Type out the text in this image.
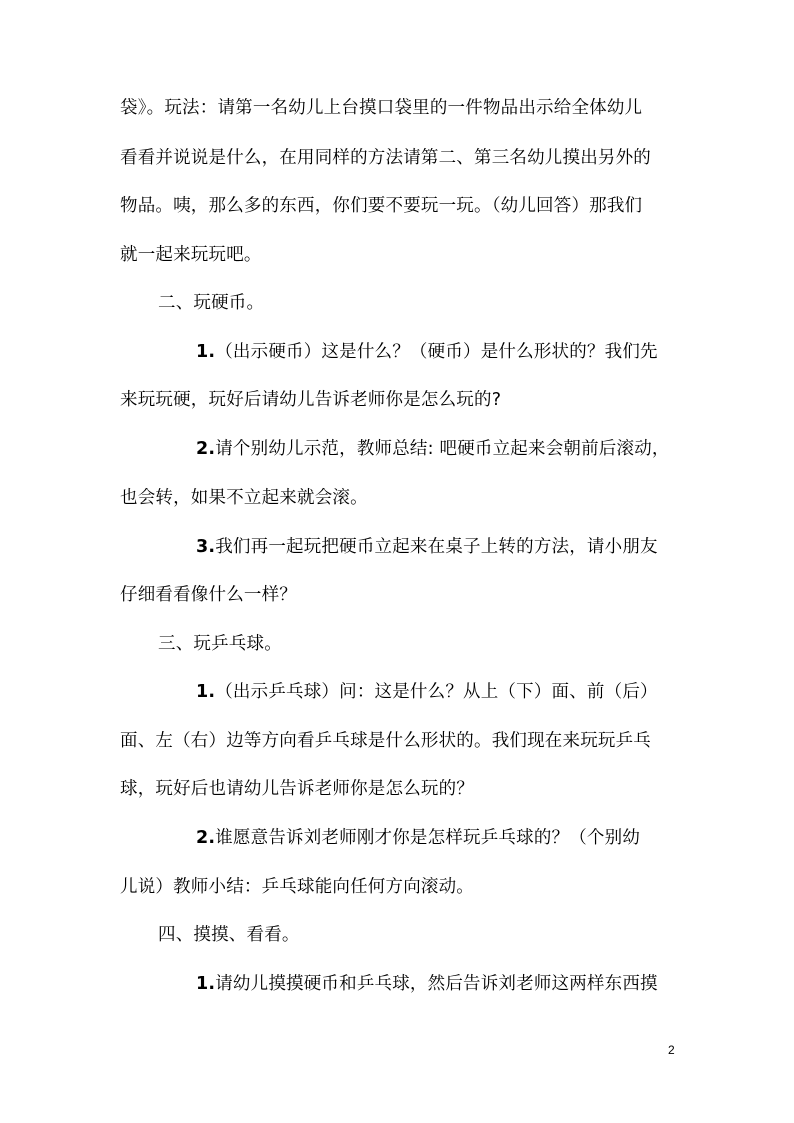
袋》。玩法：请第一名幼儿上台摸口袋里的一件物品出示给全体幼儿
看看并说说是什么，在用同样的方法请第二、第三名幼儿摸出另外的
物品。咦，那么多的东西，你们要不要玩一玩。（幼儿回答）那我们
就一起来玩玩吧。
二、玩硬币。
1.（出示硬币）这是什么？（硬币）是什么形状的？我们先
来玩玩硬，玩好后请幼儿告诉老师你是怎么玩的?
2.请个别幼儿示范，教师总结: 吧硬币立起来会朝前后滚动，
也会转，如果不立起来就会滚。
3.我们再一起玩把硬币立起来在桌子上转的方法，请小朋友
仔细看看像什么一样？
三、玩乒乓球。
1.（出示乒乓球）问：这是什么？从上（下）面、前（后）
面、左（右）边等方向看乒乓球是什么形状的。我们现在来玩玩乒乓
球，玩好后也请幼儿告诉老师你是怎么玩的？
2.谁愿意告诉刘老师刚才你是怎样玩乒乓球的？（个别幼
儿说）教师小结：乒乓球能向任何方向滚动。
四、摸摸、看看。
1.请幼儿摸摸硬币和乒乓球，然后告诉刘老师这两样东西摸
2
